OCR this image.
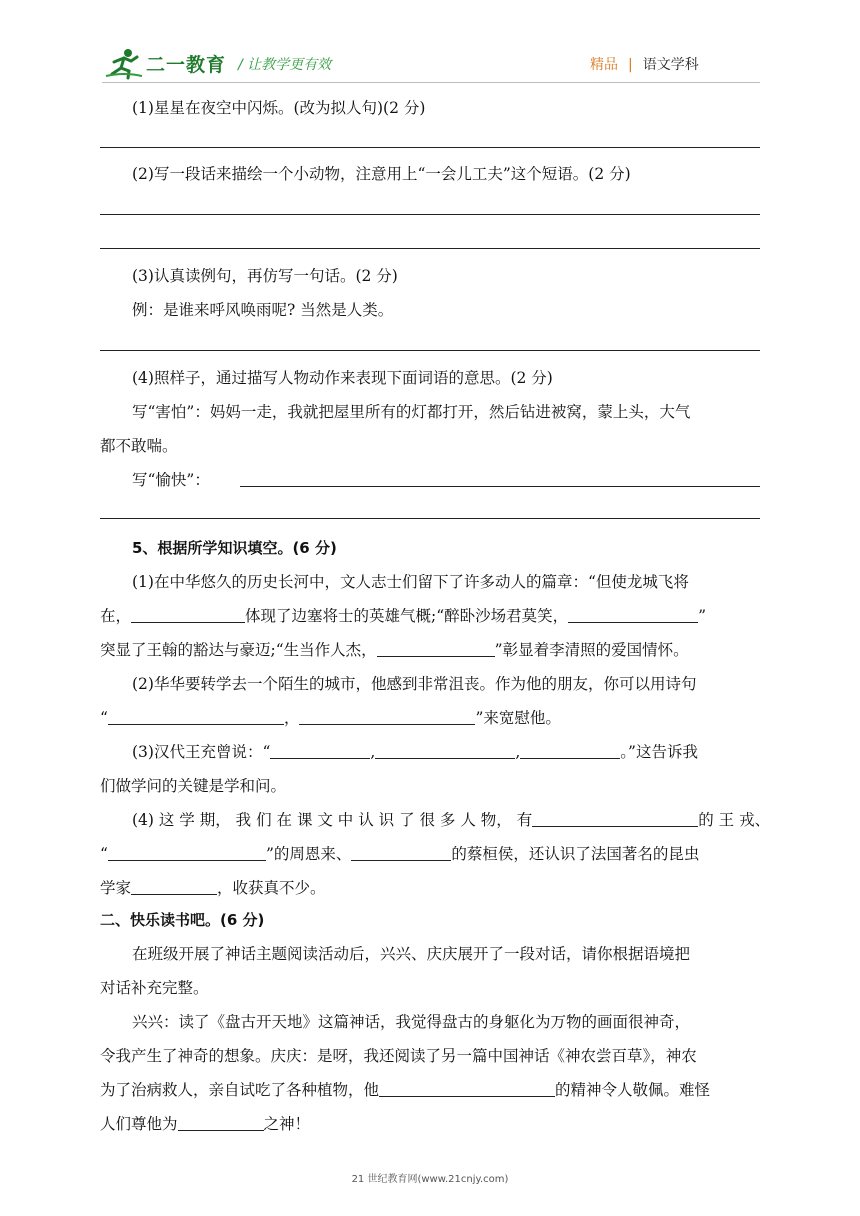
二一教育 / 让教学更有效	精品 | 语文学科
(1)星星在夜空中闪烁。(改为拟人句)(2 分)
(2)写一段话来描绘一个小动物，注意用上“一会儿工夫”这个短语。(2 分)
(3)认真读例句，再仿写一句话。(2 分)
例：是谁来呼风唤雨呢? 当然是人类。
(4)照样子，通过描写人物动作来表现下面词语的意思。(2 分)
写“害怕”：妈妈一走，我就把屋里所有的灯都打开，然后钻进被窝，蒙上头，大气
都不敢喘。
写“愉快”：
5、根据所学知识填空。(6 分)
(1)在中华悠久的历史长河中，文人志士们留下了许多动人的篇章：“但使龙城飞将
在，	体现了边塞将士的英雄气概;“醉卧沙场君莫笑，	”
突显了王翰的豁达与豪迈;“生当作人杰，	”彰显着李清照的爱国情怀。
(2)华华要转学去一个陌生的城市，他感到非常沮丧。作为他的朋友，你可以用诗句
“	，	”来宽慰他。
(3)汉代王充曾说：“	,	,	。”这告诉我
们做学问的关键是学和问。
(4) 这 学 期， 我 们 在 课 文 中 认 识 了 很 多 人 物， 有	的 王 戎、
“	”的周恩来、	的蔡桓侯，还认识了法国著名的昆虫
学家	，收获真不少。
二、快乐读书吧。(6 分)
在班级开展了神话主题阅读活动后，兴兴、庆庆展开了一段对话，请你根据语境把
对话补充完整。
兴兴：读了《盘古开天地》这篇神话，我觉得盘古的身躯化为万物的画面很神奇，
令我产生了神奇的想象。庆庆：是呀，我还阅读了另一篇中国神话《神农尝百草》，神农
为了治病救人，亲自试吃了各种植物，他	的精神令人敬佩。难怪
人们尊他为	之神！
21 世纪教育网(www.21cnjy.com)
